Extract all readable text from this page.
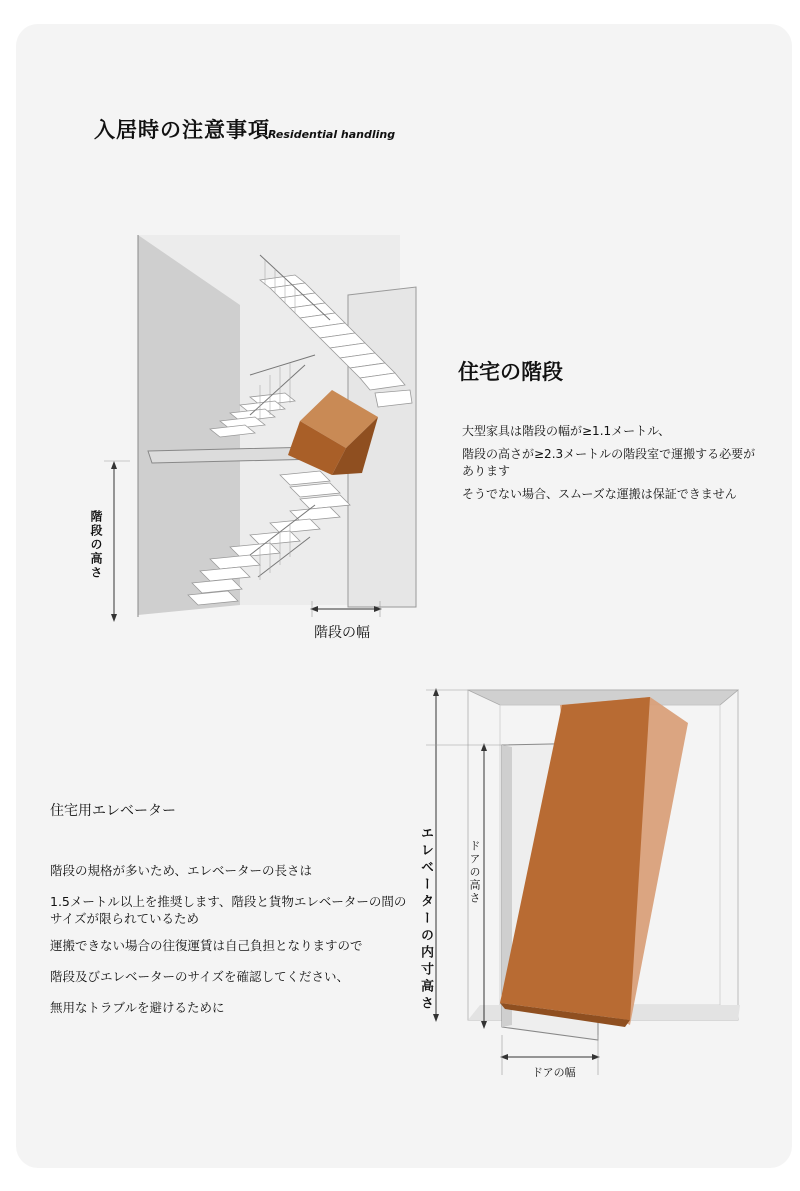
入居時の注意事項
Residential handling
階段の高さ
階段の幅
住宅の階段

大型家具は階段の幅が≥1.1メートル、

階段の高さが≥2.3メートルの階段室で運搬する必要があります

そうでない場合、スムーズな運搬は保証できません

エレベーターの内寸高さ	ドアの高さ
ドアの幅
住宅用エレベーター

階段の規格が多いため、エレベーターの長さは

1.5メートル以上を推奨します、階段と貨物エレベーターの間のサイズが限られているため

運搬できない場合の往復運賃は自己負担となりますので

階段及びエレベーターのサイズを確認してください、

無用なトラブルを避けるために
